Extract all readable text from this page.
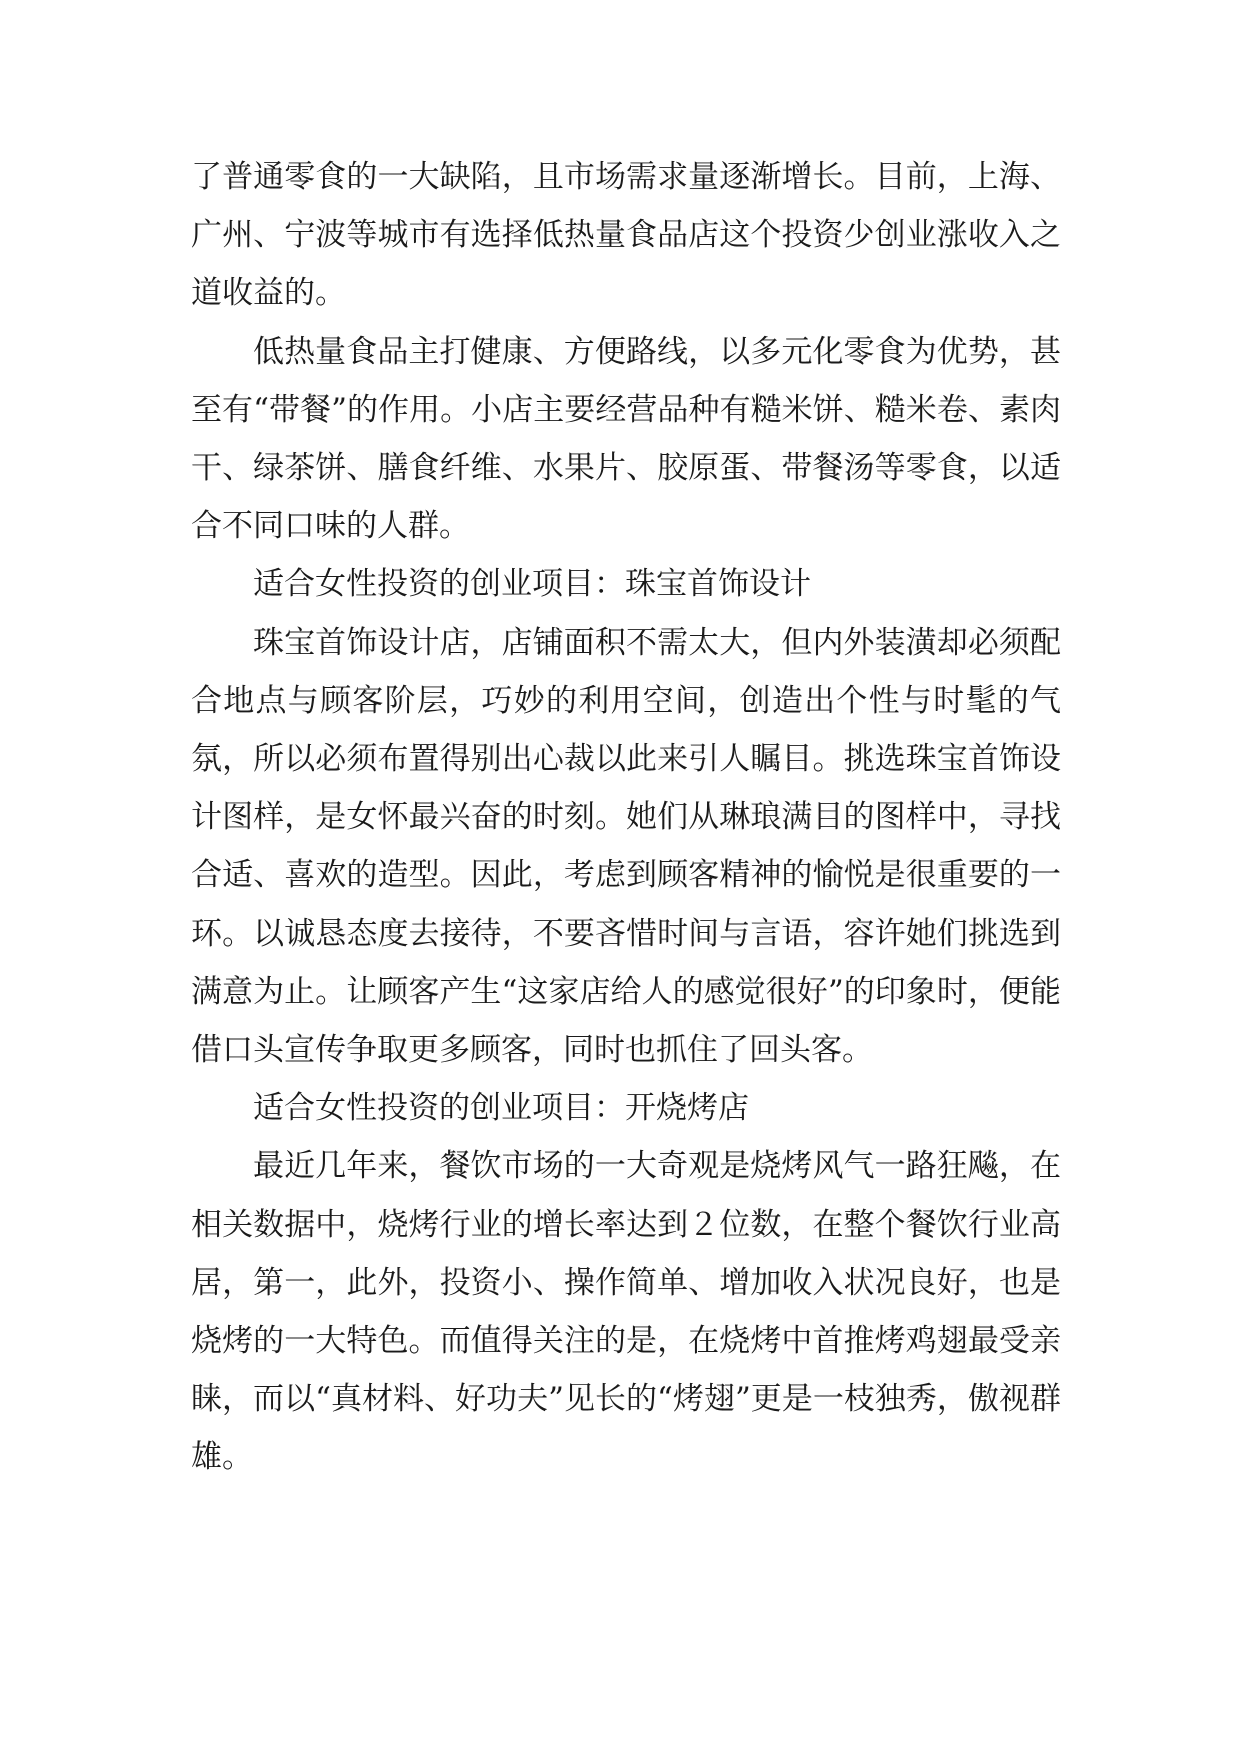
了普通零食的一大缺陷，且市场需求量逐渐增长。目前，上海、广州、宁波等城市有选择低热量食品店这个投资少创业涨收入之道收益的。

低热量食品主打健康、方便路线，以多元化零食为优势，甚至有“带餐”的作用。小店主要经营品种有糙米饼、糙米卷、素肉干、绿茶饼、膳食纤维、水果片、胶原蛋、带餐汤等零食，以适合不同口味的人群。

适合女性投资的创业项目：珠宝首饰设计

珠宝首饰设计店，店铺面积不需太大，但内外装潢却必须配合地点与顾客阶层，巧妙的利用空间，创造出个性与时髦的气氛，所以必须布置得别出心裁以此来引人瞩目。挑选珠宝首饰设计图样，是女怀最兴奋的时刻。她们从琳琅满目的图样中，寻找合适、喜欢的造型。因此，考虑到顾客精神的愉悦是很重要的一环。以诚恳态度去接待，不要吝惜时间与言语，容许她们挑选到满意为止。让顾客产生“这家店给人的感觉很好”的印象时，便能借口头宣传争取更多顾客，同时也抓住了回头客。

适合女性投资的创业项目：开烧烤店

最近几年来，餐饮市场的一大奇观是烧烤风气一路狂飚，在相关数据中，烧烤行业的增长率达到２位数，在整个餐饮行业高居，第一，此外，投资小、操作简单、增加收入状况良好，也是烧烤的一大特色。而值得关注的是，在烧烤中首推烤鸡翅最受亲睐，而以“真材料、好功夫”见长的“烤翅”更是一枝独秀，傲视群雄。
